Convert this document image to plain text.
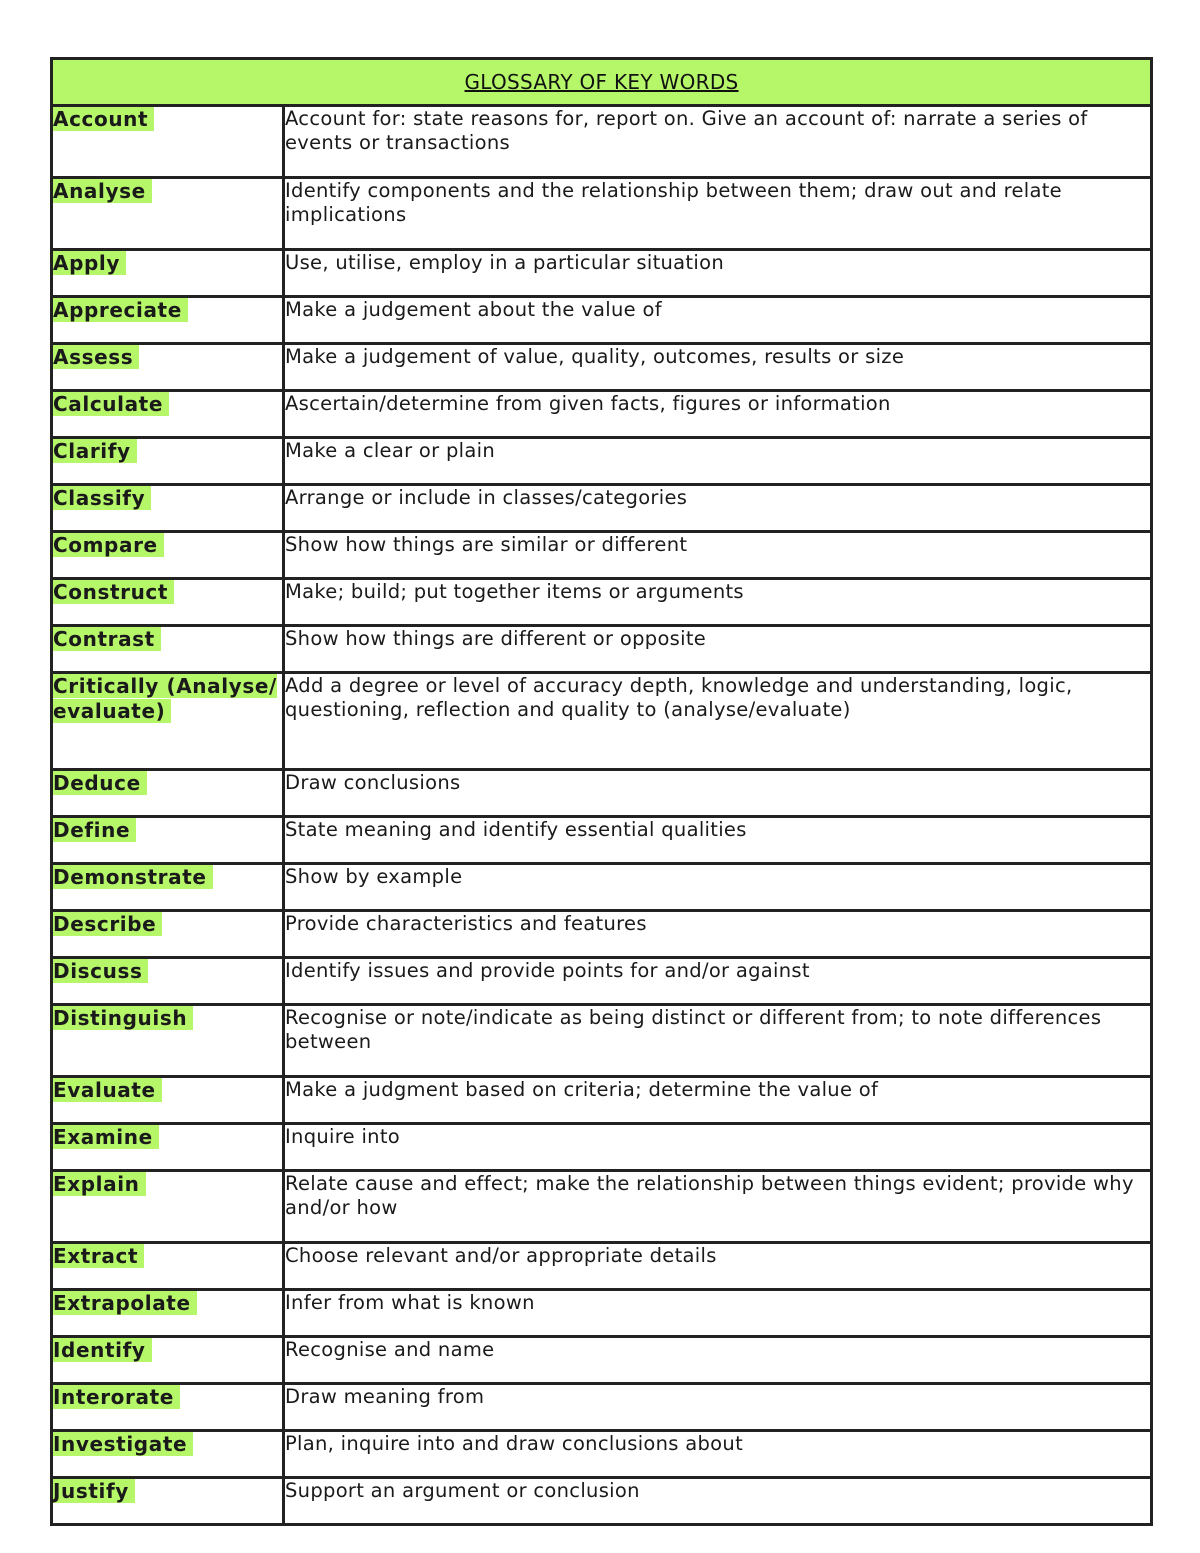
GLOSSARY OF KEY WORDS	
Account	Account for: state reasons for, report on. Give an account of: narrate a series of events or transactions

Analyse	Identify components and the relationship between them; draw out and relate implications

Apply	Use, utilise, employ in a particular situation

Appreciate	Make a judgement about the value of

Assess	Make a judgement of value, quality, outcomes, results or size

Calculate	Ascertain/determine from given facts, figures or information

Clarify	Make a clear or plain

Classify	Arrange or include in classes/categories

Compare	Show how things are similar or different

Construct	Make; build; put together items or arguments

Contrast	Show how things are different or opposite

Critically (Analyse/evaluate)	Add a degree or level of accuracy depth, knowledge and understanding, logic, questioning, reflection and quality to (analyse/evaluate)

Deduce	Draw conclusions

Define	State meaning and identify essential qualities

Demonstrate	Show by example

Describe	Provide characteristics and features

Discuss	Identify issues and provide points for and/or against

Distinguish	Recognise or note/indicate as being distinct or different from; to note differences between

Evaluate	Make a judgment based on criteria; determine the value of

Examine	Inquire into

Explain	Relate cause and effect; make the relationship between things evident; provide why and/or how

Extract	Choose relevant and/or appropriate details

Extrapolate	Infer from what is known

Identify	Recognise and name

Interorate	Draw meaning from

Investigate	Plan, inquire into and draw conclusions about

Justify	Support an argument or conclusion
